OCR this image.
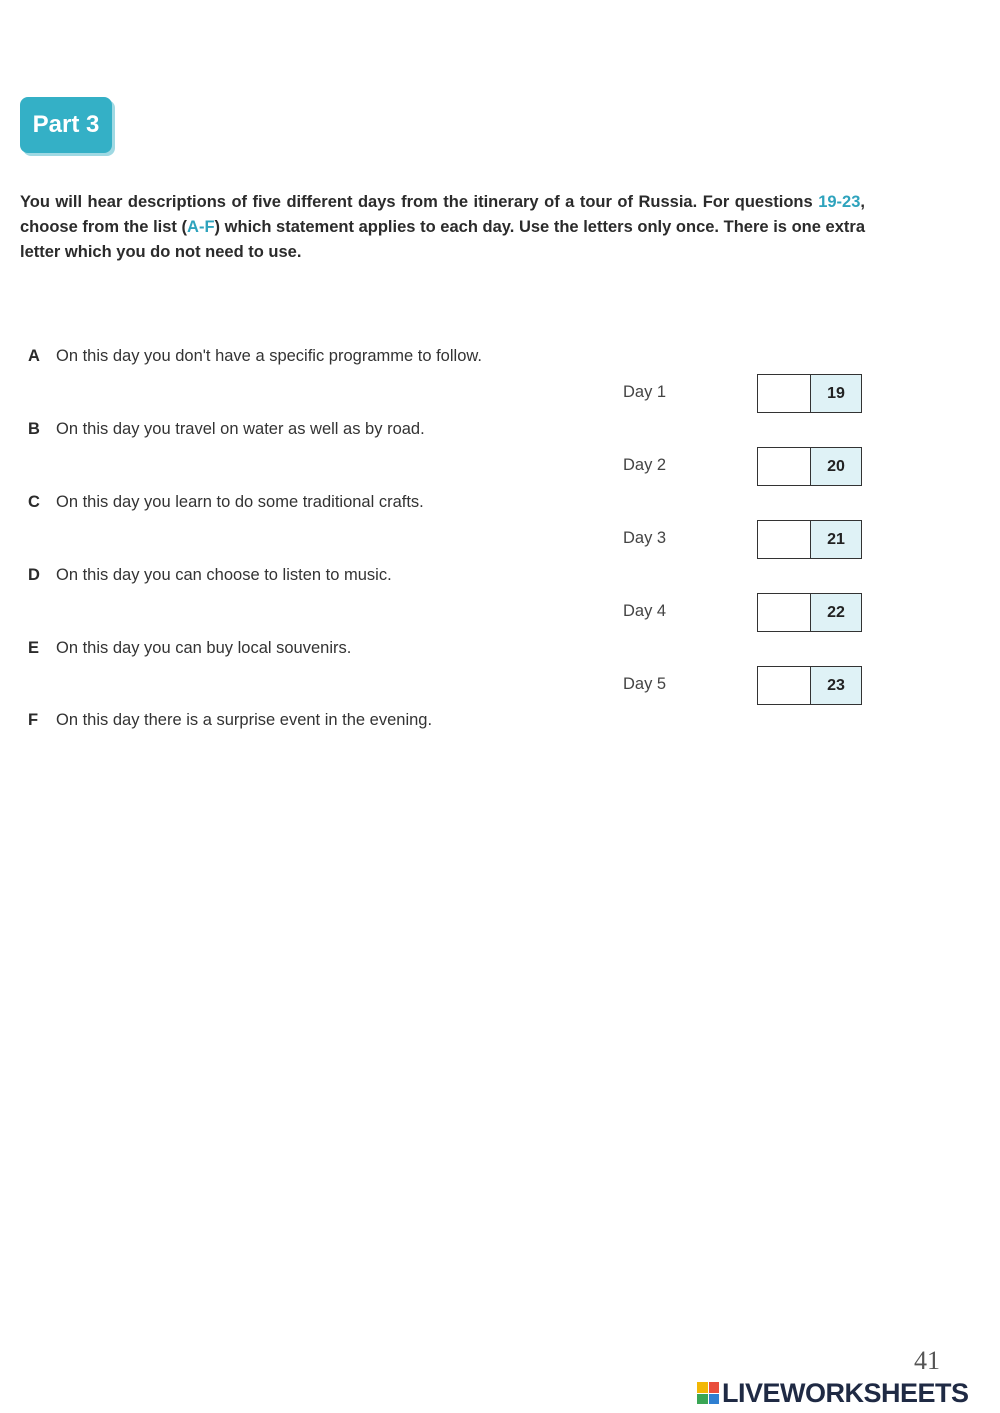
Part 3
You will hear descriptions of five different days from the itinerary of a tour of Russia. For questions 19-23, choose from the list (A-F) which statement applies to each day. Use the letters only once. There is one extra letter which you do not need to use.
A On this day you don't have a specific programme to follow.
B On this day you travel on water as well as by road.
C On this day you learn to do some traditional crafts.
D On this day you can choose to listen to music.
E	On this day you can buy local souvenirs.
F	On this day there is a surprise event in the evening.
Day 1	19
Day 2	20
Day 3	21
Day 4	22
Day 5	23
41
LIVEWORKSHEETS
